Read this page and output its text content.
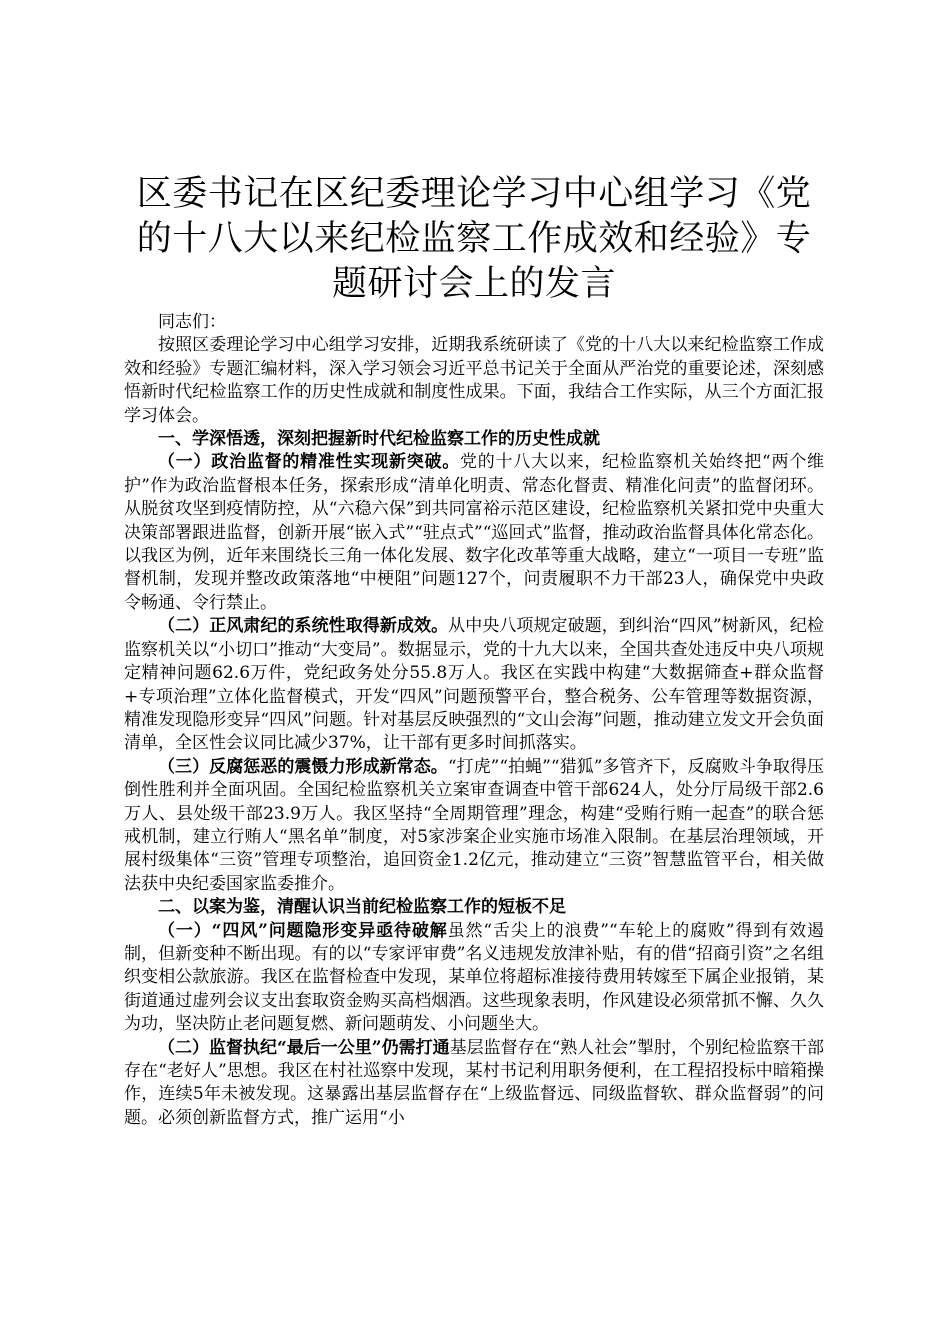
区委书记在区纪委理论学习中心组学习《党的十八大以来纪检监察工作成效和经验》专题研讨会上的发言

同志们：

按照区委理论学习中心组学习安排，近期我系统研读了《党的十八大以来纪检监察工作成效和经验》专题汇编材料，深入学习领会习近平总书记关于全面从严治党的重要论述，深刻感悟新时代纪检监察工作的历史性成就和制度性成果。下面，我结合工作实际，从三个方面汇报学习体会。

一、学深悟透，深刻把握新时代纪检监察工作的历史性成就

（一）政治监督的精准性实现新突破。党的十八大以来，纪检监察机关始终把“两个维护”作为政治监督根本任务，探索形成“清单化明责、常态化督责、精准化问责”的监督闭环。从脱贫攻坚到疫情防控，从“六稳六保”到共同富裕示范区建设，纪检监察机关紧扣党中央重大决策部署跟进监督，创新开展“嵌入式”“驻点式”“巡回式”监督，推动政治监督具体化常态化。以我区为例，近年来围绕长三角一体化发展、数字化改革等重大战略，建立“一项目一专班”监督机制，发现并整改政策落地“中梗阻”问题127个，问责履职不力干部23人，确保党中央政令畅通、令行禁止。

（二）正风肃纪的系统性取得新成效。从中央八项规定破题，到纠治“四风”树新风，纪检监察机关以“小切口”推动“大变局”。数据显示，党的十九大以来，全国共查处违反中央八项规定精神问题62.6万件，党纪政务处分55.8万人。我区在实践中构建“大数据筛查+群众监督+专项治理”立体化监督模式，开发“四风”问题预警平台，整合税务、公车管理等数据资源，精准发现隐形变异“四风”问题。针对基层反映强烈的“文山会海”问题，推动建立发文开会负面清单，全区性会议同比减少37%，让干部有更多时间抓落实。

（三）反腐惩恶的震慑力形成新常态。“打虎”“拍蝇”“猎狐”多管齐下，反腐败斗争取得压倒性胜利并全面巩固。全国纪检监察机关立案审查调查中管干部624人，处分厅局级干部2.6万人、县处级干部23.9万人。我区坚持“全周期管理”理念，构建“受贿行贿一起查”的联合惩戒机制，建立行贿人“黑名单”制度，对5家涉案企业实施市场准入限制。在基层治理领域，开展村级集体“三资”管理专项整治，追回资金1.2亿元，推动建立“三资”智慧监管平台，相关做法获中央纪委国家监委推介。

二、以案为鉴，清醒认识当前纪检监察工作的短板不足

（一）“四风”问题隐形变异亟待破解虽然“舌尖上的浪费”“车轮上的腐败”得到有效遏制，但新变种不断出现。有的以“专家评审费”名义违规发放津补贴，有的借“招商引资”之名组织变相公款旅游。我区在监督检查中发现，某单位将超标准接待费用转嫁至下属企业报销，某街道通过虚列会议支出套取资金购买高档烟酒。这些现象表明，作风建设必须常抓不懈、久久为功，坚决防止老问题复燃、新问题萌发、小问题坐大。

（二）监督执纪“最后一公里”仍需打通基层监督存在“熟人社会”掣肘，个别纪检监察干部存在“老好人”思想。我区在村社巡察中发现，某村书记利用职务便利，在工程招投标中暗箱操作，连续5年未被发现。这暴露出基层监督存在“上级监督远、同级监督软、群众监督弱”的问题。必须创新监督方式，推广运用“小
